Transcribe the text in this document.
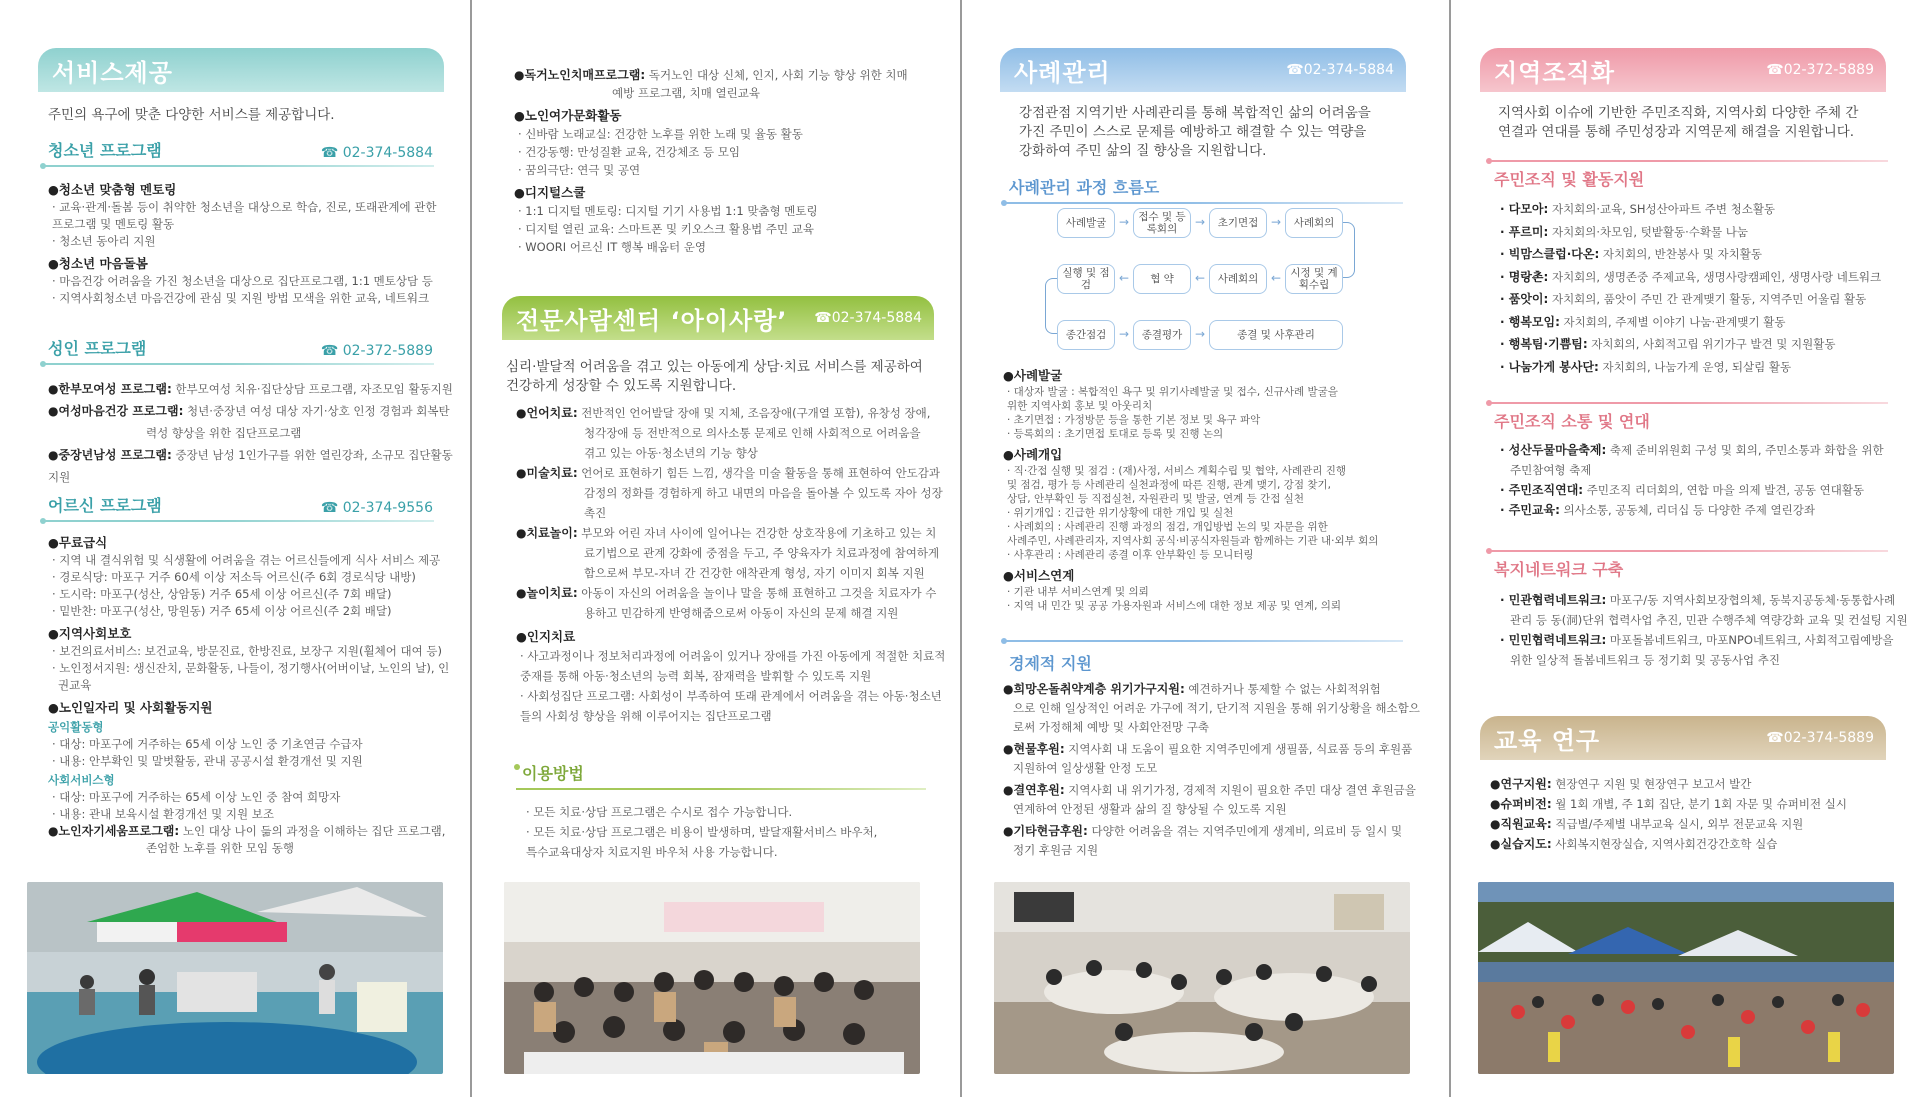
서비스제공
주민의 욕구에 맞춘 다양한 서비스를 제공합니다.
청소년 프로그램	☎ 02-374-5884
●청소년 맞춤형 멘토링
· 교육·관계·돌봄 등이 취약한 청소년을 대상으로 학습, 진로, 또래관계에 관한
프로그램 및 멘토링 활동
· 청소년 동아리 지원
●청소년 마음돌봄
· 마음건강 어려움을 가진 청소년을 대상으로 집단프로그램, 1:1 멘토상담 등
· 지역사회청소년 마음건강에 관심 및 지원 방법 모색을 위한 교육, 네트워크
성인 프로그램	☎ 02-372-5889
●한부모여성 프로그램: 한부모여성 치유·집단상담 프로그램, 자조모임 활동지원
●여성마음건강 프로그램: 청년·중장년 여성 대상 자기·상호 인정 경험과 회복탄
력성 향상을 위한 집단프로그램
●중장년남성 프로그램: 중장년 남성 1인가구를 위한 열린강좌, 소규모 집단활동 지원
어르신 프로그램	☎ 02-374-9556
●무료급식
· 지역 내 결식위험 및 식생활에 어려움을 겪는 어르신들에게 식사 서비스 제공
· 경로식당: 마포구 거주 60세 이상 저소득 어르신(주 6회 경로식당 내방)
· 도시락: 마포구(성산, 상암동) 거주 65세 이상 어르신(주 7회 배달)
· 밑반찬: 마포구(성산, 망원동) 거주 65세 이상 어르신(주 2회 배달)
●지역사회보호
· 보건의료서비스: 보건교육, 방문진료, 한방진료, 보장구 지원(휠체어 대여 등)
· 노인정서지원: 생신잔치, 문화활동, 나들이, 정기행사(어버이날, 노인의 날), 인권교육
●노인일자리 및 사회활동지원
공익활동형
· 대상: 마포구에 거주하는 65세 이상 노인 중 기초연금 수급자
· 내용: 안부확인 및 말벗활동, 관내 공공시설 환경개선 및 지원
사회서비스형
· 대상: 마포구에 거주하는 65세 이상 노인 중 참여 희망자
· 내용: 관내 보육시설 환경개선 및 지원 보조
●노인자기세움프로그램: 노인 대상 나이 듦의 과정을 이해하는 집단 프로그램,
존엄한 노후를 위한 모임 동행
●독거노인치매프로그램: 독거노인 대상 신체, 인지, 사회 기능 향상 위한 치매
예방 프로그램, 치매 열린교육
●노인여가문화활동
· 신바람 노래교실: 건강한 노후를 위한 노래 및 율동 활동
· 건강동행: 만성질환 교육, 건강체조 등 모임
· 꿈의극단: 연극 및 공연
●디지털스쿨
· 1:1 디지털 멘토링: 디지털 기기 사용법 1:1 맞춤형 멘토링
· 디지털 열린 교육: 스마트폰 및 키오스크 활용법 주민 교육
· WOORI 어르신 IT 행복 배움터 운영
전문사람센터 ‘아이사랑’ ☎02-374-5884
심리·발달적 어려움을 겪고 있는 아동에게 상담·치료 서비스를 제공하여
건강하게 성장할 수 있도록 지원합니다.
●언어치료: 전반적인 언어발달 장애 및 지체, 조음장애(구개열 포함), 유창성 장애,
청각장애 등 전반적으로 의사소통 문제로 인해 사회적으로 어려움을
겪고 있는 아동·청소년의 기능 향상
●미술치료: 언어로 표현하기 힘든 느낌, 생각을 미술 활동을 통해 표현하여 안도감과
감정의 정화를 경험하게 하고 내면의 마음을 돌아볼 수 있도록 자아 성장 촉진
●치료놀이: 부모와 어린 자녀 사이에 일어나는 건강한 상호작용에 기초하고 있는 치
료기법으로 관계 강화에 중점을 두고, 주 양육자가 치료과정에 참여하게
함으로써 부모-자녀 간 건강한 애착관계 형성, 자기 이미지 회복 지원
●놀이치료: 아동이 자신의 어려움을 놀이나 말을 통해 표현하고 그것을 치료자가 수
용하고 민감하게 반영해줌으로써 아동이 자신의 문제 해결 지원
●인지치료
· 사고과정이나 정보처리과정에 어려움이 있거나 장애를 가진 아동에게 적절한 치료적
중재를 통해 아동·청소년의 능력 회복, 잠재력을 발휘할 수 있도록 지원
· 사회성집단 프로그램: 사회성이 부족하여 또래 관계에서 어려움을 겪는 아동·청소년
들의 사회성 향상을 위해 이루어지는 집단프로그램
이용방법
· 모든 치료·상담 프로그램은 수시로 접수 가능합니다.
· 모든 치료·상담 프로그램은 비용이 발생하며, 발달재활서비스 바우처,
특수교육대상자 치료지원 바우처 사용 가능합니다.
사례관리	☎02-374-5884
강점관점 지역기반 사례관리를 통해 복합적인 삶의 어려움을
가진 주민이 스스로 문제를 예방하고 해결할 수 있는 역량을
강화하여 주민 삶의 질 향상을 지원합니다.
사례관리 과정 흐름도
사례발굴	→ 접수 및 등록회의	→	초기면접	→	사례회의
실행 및 점검	←	협 약	←	사례회의	← 시정 및 계획수립
종간점검	→	종결평가	→	종결 및 사후관리
●사례발굴
· 대상자 발굴 : 복합적인 욕구 및 위기사례발굴 및 접수, 신규사례 발굴을
위한 지역사회 홍보 및 아웃리치
· 초기면접 : 가정방문 등을 통한 기본 정보 및 욕구 파악
· 등록회의 : 초기면접 토대로 등록 및 진행 논의
●사례개입
· 직·간접 실행 및 점검 : (재)사정, 서비스 계획수립 및 협약, 사례관리 진행
및 점검, 평가 등 사례관리 실천과정에 따른 진행, 관계 맺기, 강점 찾기,
상담, 안부확인 등 직접실천, 자원관리 및 발굴, 연계 등 간접 실천
· 위기개입 : 긴급한 위기상황에 대한 개입 및 실천
· 사례회의 : 사례관리 진행 과정의 점검, 개입방법 논의 및 자문을 위한
사례주민, 사례관리자, 지역사회 공식·비공식자원들과 함께하는 기관 내·외부 회의
· 사후관리 : 사례관리 종결 이후 안부확인 등 모니터링
●서비스연계
· 기관 내부 서비스연계 및 의뢰
· 지역 내 민간 및 공공 가용자원과 서비스에 대한 정보 제공 및 연계, 의뢰
경제적 지원
●희망온돌취약계층 위기가구지원: 예견하거나 통제할 수 없는 사회적위험
으로 인해 일상적인 어려운 가구에 적기, 단기적 지원을 통해 위기상황을 해소함으
로써 가정해체 예방 및 사회안전망 구축
●현물후원: 지역사회 내 도움이 필요한 지역주민에게 생필품, 식료품 등의 후원품
지원하여 일상생활 안정 도모
●결연후원: 지역사회 내 위기가정, 경제적 지원이 필요한 주민 대상 결연 후원금을
연계하여 안정된 생활과 삶의 질 향상될 수 있도록 지원
●기타현금후원: 다양한 어려움을 겪는 지역주민에게 생계비, 의료비 등 일시 및
정기 후원금 지원
지역조직화	☎02-372-5889
지역사회 이슈에 기반한 주민조직화, 지역사회 다양한 주체 간
연결과 연대를 통해 주민성장과 지역문제 해결을 지원합니다.
주민조직 및 활동지원
· 다모아: 자치회의·교육, SH성산아파트 주변 청소활동
· 푸르미: 자치회의·차모임, 텃밭활동·수확물 나눔
· 빅맘스클럽·다온: 자치회의, 반찬봉사 및 자치활동
· 명랑촌: 자치회의, 생명존중 주제교육, 생명사랑캠페인, 생명사랑 네트워크
· 품앗이: 자치회의, 품앗이 주민 간 관계맺기 활동, 지역주민 어울림 활동
· 행복모임: 자치회의, 주제별 이야기 나눔·관계맺기 활동
· 행복팀·기쁨팀: 자치회의, 사회적고립 위기가구 발견 및 지원활동
· 나눔가게 봉사단: 자치회의, 나눔가게 운영, 되살림 활동
주민조직 소통 및 연대
· 성산두물마을축제: 축제 준비위원회 구성 및 회의, 주민소통과 화합을 위한
주민참여형 축제
· 주민조직연대: 주민조직 리더회의, 연합 마을 의제 발견, 공동 연대활동
· 주민교육: 의사소통, 공동체, 리더십 등 다양한 주제 열린강좌
복지네트워크 구축
· 민관협력네트워크: 마포구/동 지역사회보장협의체, 동북지공동체·동통합사례
관리 등 동(洞)단위 협력사업 추진, 민관 수행주체 역량강화 교육 및 컨설팅 지원
· 민민협력네트워크: 마포돌봄네트워크, 마포NPO네트워크, 사회적고립예방을
위한 일상적 돌봄네트워크 등 정기회 및 공동사업 추진
교육 연구	☎02-374-5889
●연구지원: 현장연구 지원 및 현장연구 보고서 발간
●슈퍼비전: 월 1회 개별, 주 1회 집단, 분기 1회 자문 및 슈퍼비전 실시
●직원교육: 직급별/주제별 내부교육 실시, 외부 전문교육 지원
●실습지도: 사회복지현장실습, 지역사회건강간호학 실습
